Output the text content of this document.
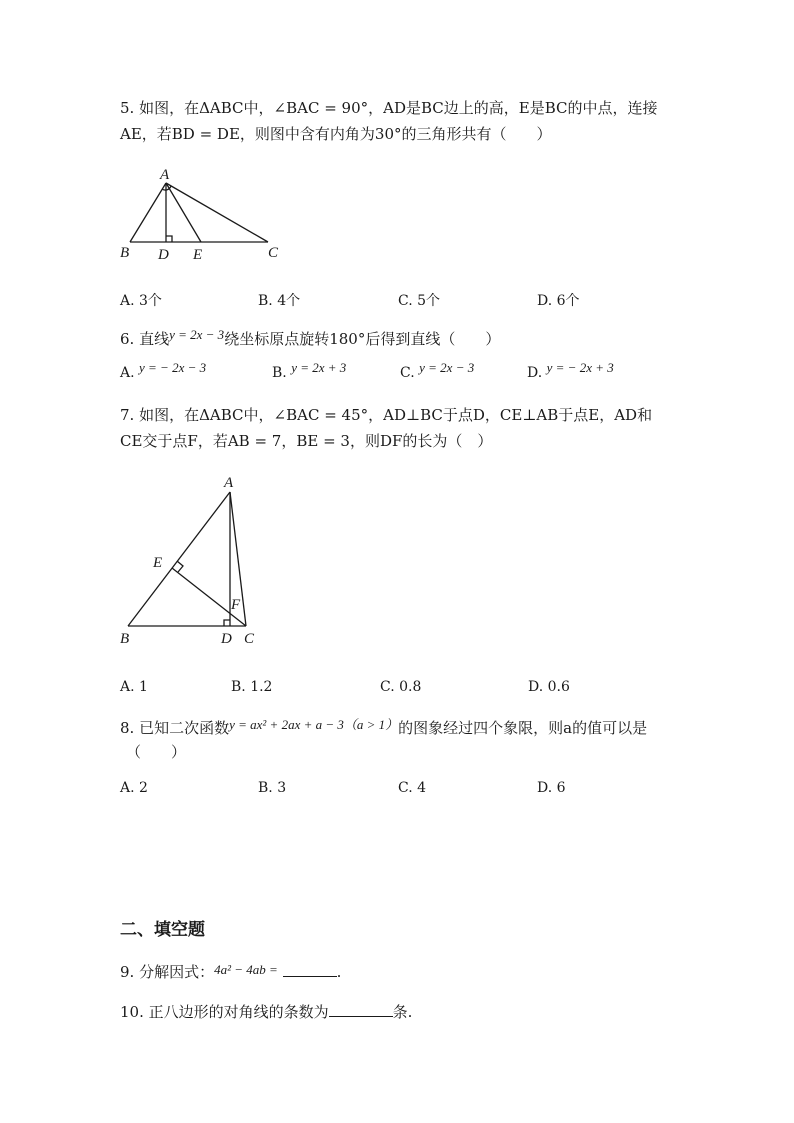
5. 如图，在ΔABC中，∠BAC = 90°，AD是BC边上的高，E是BC的中点，连接
AE，若BD = DE，则图中含有内角为30°的三角形共有（　　）
A
B	C
D E
A. 3个	B. 4个	C. 5个	D. 6个
6. 直线y = 2x − 3绕坐标原点旋转180°后得到直线（　　）
A. y = − 2x − 3	B. y = 2x + 3	C. y = 2x − 3	D. y = − 2x + 3
7. 如图，在ΔABC中，∠BAC = 45°，AD⊥BC于点D，CE⊥AB于点E，AD和
CE交于点F，若AB = 7，BE = 3，则DF的长为（　）
A
B	C
D
E
F
A. 1	B. 1.2	C. 0.8	D. 0.6
8. 已知二次函数y = ax² + 2ax + a − 3（a > 1）的图象经过四个象限，则a的值可以是
（　　）
A. 2	B. 3	C. 4	D. 6
二、填空题
9. 分解因式：4a² − 4ab =	.
10. 正八边形的对角线的条数为	条.
